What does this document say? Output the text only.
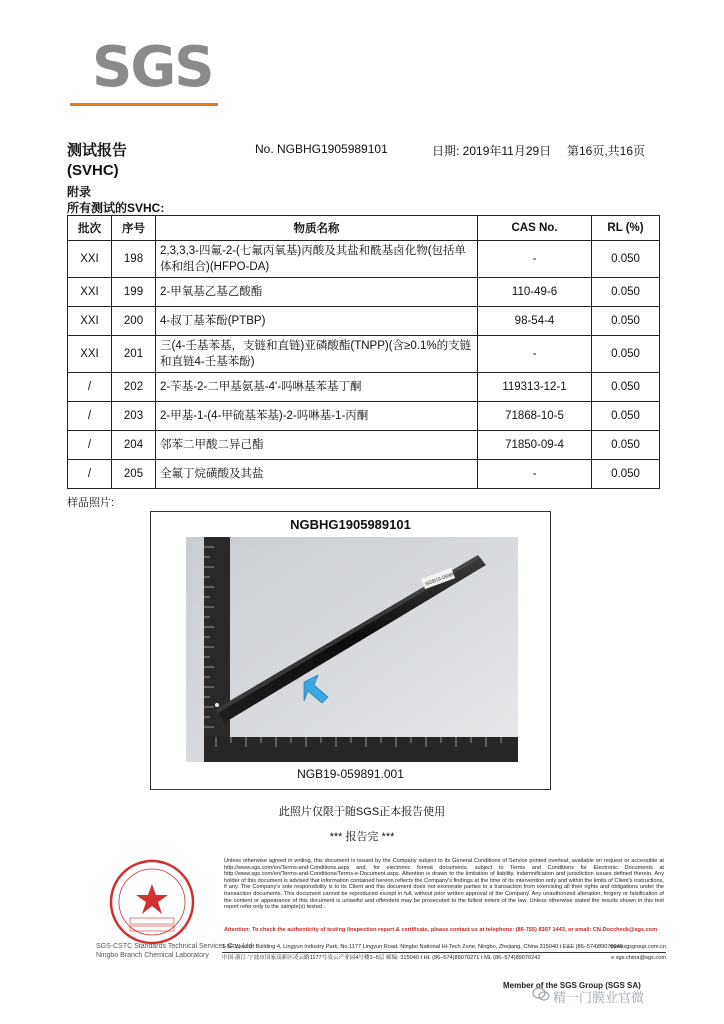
SGS
测试报告
(SVHC)
No. NGBHG1905989101	日期: 2019年11月29日 第16页,共16页
附录
所有测试的SVHC:
批次	序号	物质名称	CAS No.	RL (%)
XXI	198	2,3,3,3-四氟-2-(七氟丙氧基)丙酸及其盐和酰基卤化物(包括单体和组合)(HFPO-DA)	-	0.050
XXI	199	2-甲氧基乙基乙酸酯	110-49-6	0.050
XXI	200	4-叔丁基苯酚(PTBP)	98-54-4	0.050
XXI	201	三(4-壬基苯基，支链和直链)亚磷酸酯(TNPP)(含≥0.1%的支链和直链4-壬基苯酚)	-	0.050
/	202	2-苄基-2-二甲基氨基-4'-吗啉基苯基丁酮	119313-12-1	0.050
/	203	2-甲基-1-(4-甲硫基苯基)-2-吗啉基-1-丙酮	71868-10-5	0.050
/	204	邻苯二甲酸二异己酯	71850-09-4	0.050
/	205	全氟丁烷磺酸及其盐	-	0.050
样品照片:
NGBHG1905989101
NGB19-059891
NGB19-059891.001
此照片仅限于随SGS正本报告使用
*** 报告完 ***
SGS-CSTC Standards Technical Services Co., Ltd.
Ningbo Branch Chemical Laboratory
Unless otherwise agreed in writing, this document is issued by the Company subject to its General Conditions of Service printed overleaf, available on request or accessible at http://www.sgs.com/en/Terms-and-Conditions.aspx and, for electronic format documents, subject to Terms and Conditions for Electronic Documents at http://www.sgs.com/en/Terms-and-Conditions/Terms-e-Document.aspx. Attention is drawn to the limitation of liability, indemnification and jurisdiction issues defined therein. Any holder of this document is advised that information contained hereon reflects the Company's findings at the time of its intervention only and within the limits of Client's instructions, if any. The Company's sole responsibility is to its Client and this document does not exonerate parties to a transaction from exercising all their rights and obligations under the transaction documents. This document cannot be reproduced except in full, without prior written approval of the Company. Any unauthorized alteration, forgery or falsification of the content or appearance of this document is unlawful and offenders may be prosecuted to the fullest extent of the law. Unless otherwise stated the results shown in this test report refer only to the sample(s) tested .
Attention: To check the authenticity of testing /inspection report & certificate, please contact us at telephone: (86-755) 8307 1443, or email: CN.Doccheck@sgs.com
1-5F West of Building 4, Lingyun Industry Park, No.1177 Lingyun Road, Ningbo National Hi-Tech Zone, Ningbo, Zhejiang, China 315040 t E&E (86–574)89070249
www.sgsgroup.com.cn
中国·浙江·宁波市国家高新区凌云路1177号凌云产业园4号楼1–5层 邮编: 315040 t HL (86–574)89070271 t ML (86–574)89070242	e sgs.china@sgs.com
Member of the SGS Group (SGS SA)
精一门膜业官微
